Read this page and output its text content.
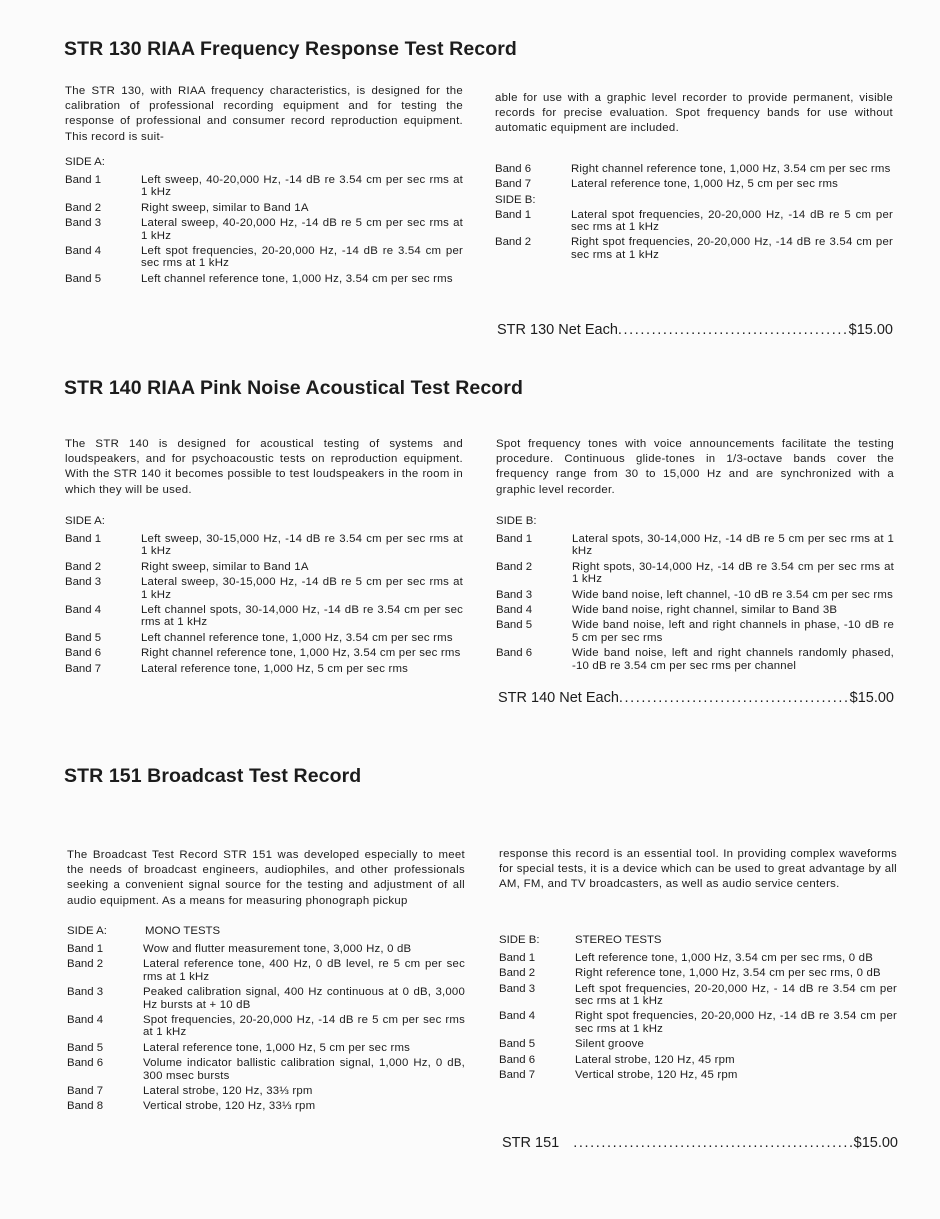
STR 130 RIAA Frequency Response Test Record

The STR 130, with RIAA frequency characteristics, is designed for the calibration of professional recording equipment and for testing the response of professional and consumer record reproduction equipment. This record is suit-

SIDE A:
Band 1	Left sweep, 40-20,000 Hz, -14 dB re 3.54 cm per sec rms at 1 kHz
Band 2	Right sweep, similar to Band 1A
Band 3	Lateral sweep, 40-20,000 Hz, -14 dB re 5 cm per sec rms at 1 kHz
Band 4	Left spot frequencies, 20-20,000 Hz, -14 dB re 3.54 cm per sec rms at 1 kHz
Band 5	Left channel reference tone, 1,000 Hz, 3.54 cm per sec rms

able for use with a graphic level recorder to provide permanent, visible records for precise evaluation. Spot frequency bands for use without automatic equipment are included.

Band 6	Right channel reference tone, 1,000 Hz, 3.54 cm per sec rms
Band 7	Lateral reference tone, 1,000 Hz, 5 cm per sec rms
SIDE B:
Band 1	Lateral spot frequencies, 20-20,000 Hz, -14 dB re 5 cm per sec rms at 1 kHz
Band 2	Right spot frequencies, 20-20,000 Hz, -14 dB re 3.54 cm per sec rms at 1 kHz
STR 130 Net Each .....	$15.00
STR 140 RIAA Pink Noise Acoustical Test Record

The STR 140 is designed for acoustical testing of systems and loudspeakers, and for psychoacoustic tests on reproduction equipment. With the STR 140 it becomes possible to test loudspeakers in the room in which they will be used.

SIDE A:
Band 1	Left sweep, 30-15,000 Hz, -14 dB re 3.54 cm per sec rms at 1 kHz
Band 2	Right sweep, similar to Band 1A
Band 3	Lateral sweep, 30-15,000 Hz, -14 dB re 5 cm per sec rms at 1 kHz
Band 4	Left channel spots, 30-14,000 Hz, -14 dB re 3.54 cm per sec rms at 1 kHz
Band 5	Left channel reference tone, 1,000 Hz, 3.54 cm per sec rms
Band 6	Right channel reference tone, 1,000 Hz, 3.54 cm per sec rms
Band 7	Lateral reference tone, 1,000 Hz, 5 cm per sec rms

Spot frequency tones with voice announcements facilitate the testing procedure. Continuous glide-tones in 1/3-octave bands cover the frequency range from 30 to 15,000 Hz and are synchronized with a graphic level recorder.

SIDE B:
Band 1	Lateral spots, 30-14,000 Hz, -14 dB re 5 cm per sec rms at 1 kHz
Band 2	Right spots, 30-14,000 Hz, -14 dB re 3.54 cm per sec rms at 1 kHz
Band 3	Wide band noise, left channel, -10 dB re 3.54 cm per sec rms
Band 4	Wide band noise, right channel, similar to Band 3B
Band 5	Wide band noise, left and right channels in phase, -10 dB re 5 cm per sec rms
Band 6	Wide band noise, left and right channels randomly phased, -10 dB re 3.54 cm per sec rms per channel
STR 140 Net Each .....	$15.00
STR 151 Broadcast Test Record

The Broadcast Test Record STR 151 was developed especially to meet the needs of broadcast engineers, audiophiles, and other professionals seeking a convenient signal source for the testing and adjustment of all audio equipment. As a means for measuring phonograph pickup

SIDE A:	MONO TESTS
Band 1	Wow and flutter measurement tone, 3,000 Hz, 0 dB
Band 2	Lateral reference tone, 400 Hz, 0 dB level, re 5 cm per sec rms at 1 kHz
Band 3	Peaked calibration signal, 400 Hz continuous at 0 dB, 3,000 Hz bursts at + 10 dB
Band 4	Spot frequencies, 20-20,000 Hz, -14 dB re 5 cm per sec rms at 1 kHz
Band 5	Lateral reference tone, 1,000 Hz, 5 cm per sec rms
Band 6	Volume indicator ballistic calibration signal, 1,000 Hz, 0 dB, 300 msec bursts
Band 7	Lateral strobe, 120 Hz, 33⅓ rpm
Band 8	Vertical strobe, 120 Hz, 33⅓ rpm

response this record is an essential tool. In providing complex waveforms for special tests, it is a device which can be used to great advantage by all AM, FM, and TV broadcasters, as well as audio service centers.

SIDE B:	STEREO TESTS
Band 1	Left reference tone, 1,000 Hz, 3.54 cm per sec rms, 0 dB
Band 2	Right reference tone, 1,000 Hz, 3.54 cm per sec rms, 0 dB
Band 3	Left spot frequencies, 20-20,000 Hz, - 14 dB re 3.54 cm per sec rms at 1 kHz
Band 4	Right spot frequencies, 20-20,000 Hz, -14 dB re 3.54 cm per sec rms at 1 kHz
Band 5	Silent groove
Band 6	Lateral strobe, 120 Hz, 45 rpm
Band 7	Vertical strobe, 120 Hz, 45 rpm
STR 151 .....	$15.00
